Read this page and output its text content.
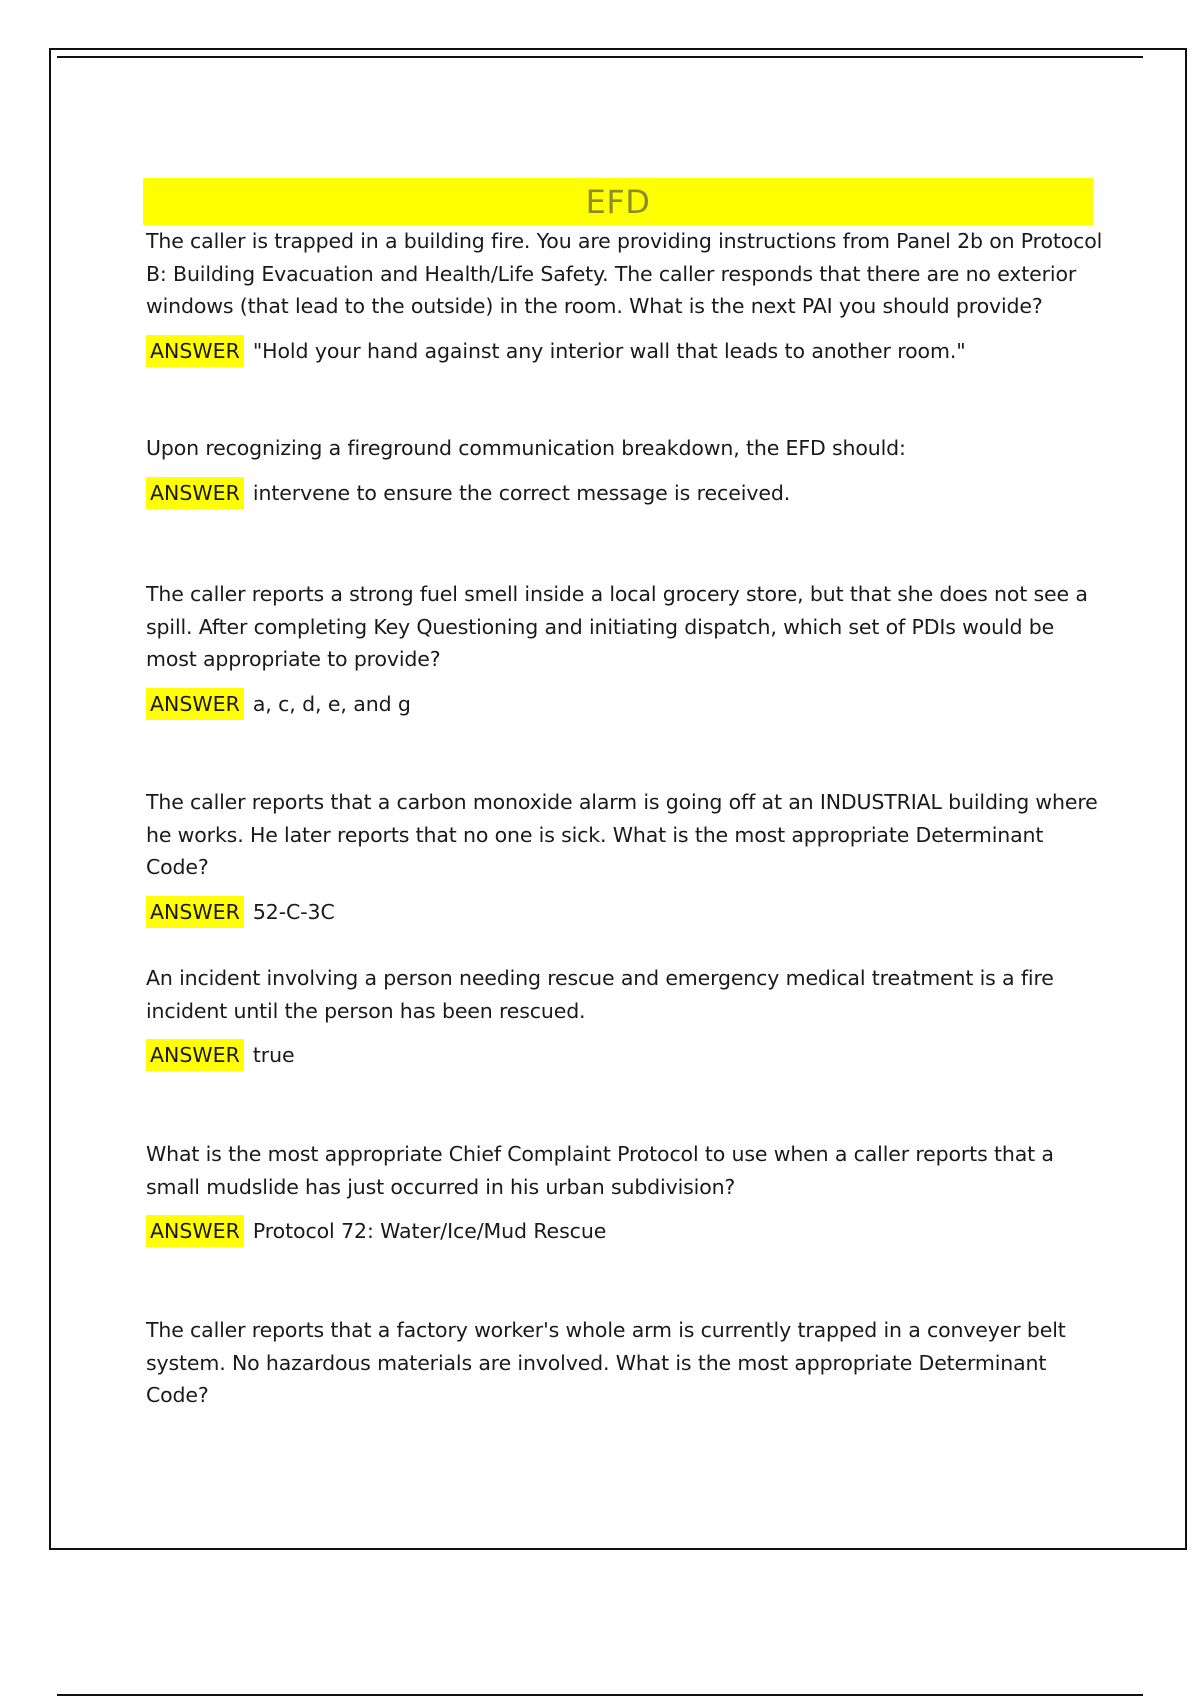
EFD

The caller is trapped in a building fire. You are providing instructions from Panel 2b on Protocol B: Building Evacuation and Health/Life Safety. The caller responds that there are no exterior windows (that lead to the outside) in the room. What is the next PAI you should provide?

ANSWER "Hold your hand against any interior wall that leads to another room."

Upon recognizing a fireground communication breakdown, the EFD should:

ANSWER intervene to ensure the correct message is received.

The caller reports a strong fuel smell inside a local grocery store, but that she does not see a spill. After completing Key Questioning and initiating dispatch, which set of PDIs would be most appropriate to provide?

ANSWER a, c, d, e, and g

The caller reports that a carbon monoxide alarm is going off at an INDUSTRIAL building where he works. He later reports that no one is sick. What is the most appropriate Determinant Code?

ANSWER 52-C-3C

An incident involving a person needing rescue and emergency medical treatment is a fire incident until the person has been rescued.

ANSWER true

What is the most appropriate Chief Complaint Protocol to use when a caller reports that a small mudslide has just occurred in his urban subdivision?

ANSWER Protocol 72: Water/Ice/Mud Rescue

The caller reports that a factory worker's whole arm is currently trapped in a conveyer belt system. No hazardous materials are involved. What is the most appropriate Determinant Code?
